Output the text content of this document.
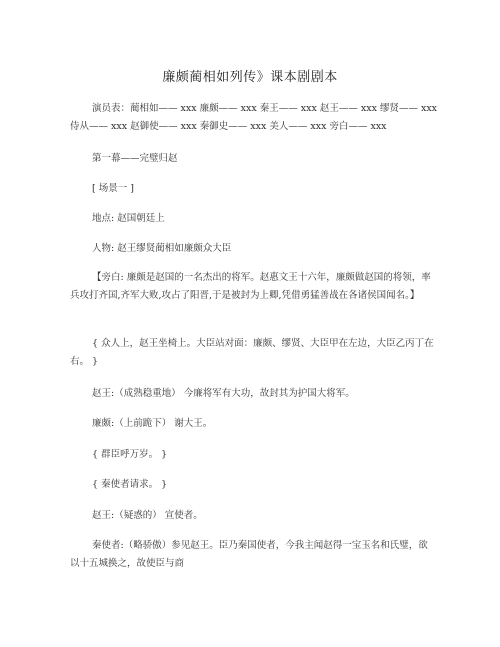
廉颇蔺相如列传》课本剧剧本
演员表：蔺相如—— xxx 廉颇—— xxx 秦王—— xxx 赵王—— xxx 缪贤—— xxx 侍从—— xxx 赵御使—— xxx 秦御史—— xxx 美人—— xxx 旁白—— xxx
第一幕——完璧归赵
[ 场景一 ]
地点: 赵国朝廷上
人物: 赵王缪贤蔺相如廉颇众大臣
【旁白: 廉颇是赵国的一名杰出的将军。赵惠文王十六年，廉颇做赵国的将领，率兵攻打齐国,齐军大败,攻占了阳晋,于是被封为上卿,凭借勇猛善战在各诸侯国闻名。】
{ 众人上，赵王坐椅上。大臣站对面：廉颇、缪贤、大臣甲在左边，大臣乙丙丁在右。 }
赵王:（成熟稳重地） 今廉将军有大功，故封其为护国大将军。
廉颇:（上前跪下） 谢大王。
{ 群臣呼万岁。 }
{ 秦使者请求。 }
赵王:（疑惑的） 宣使者。
秦使者:（略骄傲）参见赵王。臣乃秦国使者，今我主闻赵得一宝玉名和氏璧，欲 以十五城换之，故使臣与商
